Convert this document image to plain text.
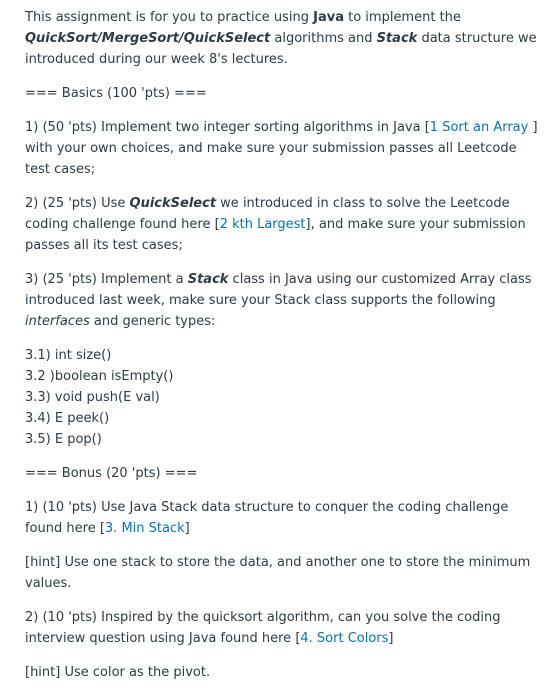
This assignment is for you to practice using Java to implement the QuickSort/MergeSort/QuickSelect algorithms and Stack data structure we introduced during our week 8's lectures.

=== Basics (100 'pts) ===

1) (50 'pts) Implement two integer sorting algorithms in Java [1 Sort an Array ] with your own choices, and make sure your submission passes all Leetcode test cases;

2) (25 'pts) Use QuickSelect we introduced in class to solve the Leetcode coding challenge found here [2 kth Largest], and make sure your submission passes all its test cases;

3) (25 'pts) Implement a Stack class in Java using our customized Array class introduced last week, make sure your Stack class supports the following interfaces and generic types:

3.1) int size()
3.2 )boolean isEmpty()
3.3) void push(E val)
3.4) E peek()
3.5) E pop()

=== Bonus (20 'pts) ===

1) (10 'pts) Use Java Stack data structure to conquer the coding challenge found here [3. Min Stack]

[hint] Use one stack to store the data, and another one to store the minimum values.

2) (10 'pts) Inspired by the quicksort algorithm, can you solve the coding interview question using Java found here [4. Sort Colors]

[hint] Use color as the pivot.
